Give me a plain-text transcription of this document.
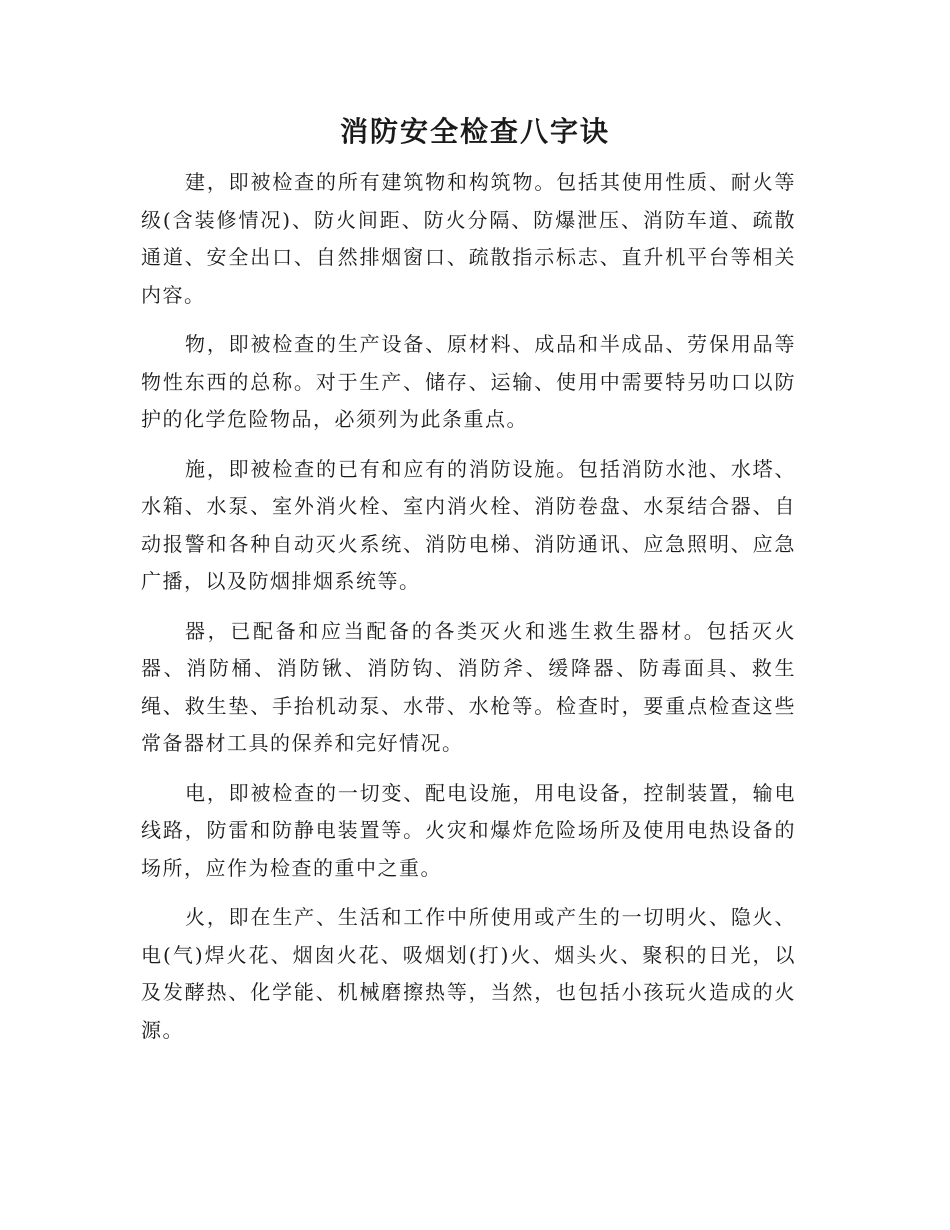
消防安全检查八字诀

建，即被检查的所有建筑物和构筑物。包括其使用性质、耐火等级(含装修情况)、防火间距、防火分隔、防爆泄压、消防车道、疏散通道、安全出口、自然排烟窗口、疏散指示标志、直升机平台等相关内容。

物，即被检查的生产设备、原材料、成品和半成品、劳保用品等物性东西的总称。对于生产、储存、运输、使用中需要特另叻口以防护的化学危险物品，必须列为此条重点。

施，即被检查的已有和应有的消防设施。包括消防水池、水塔、水箱、水泵、室外消火栓、室内消火栓、消防卷盘、水泵结合器、自动报警和各种自动灭火系统、消防电梯、消防通讯、应急照明、应急广播，以及防烟排烟系统等。

器，已配备和应当配备的各类灭火和逃生救生器材。包括灭火器、消防桶、消防锹、消防钩、消防斧、缓降器、防毒面具、救生绳、救生垫、手抬机动泵、水带、水枪等。检查时，要重点检查这些常备器材工具的保养和完好情况。

电，即被检查的一切变、配电设施，用电设备，控制装置，输电线路，防雷和防静电装置等。火灾和爆炸危险场所及使用电热设备的场所，应作为检查的重中之重。

火，即在生产、生活和工作中所使用或产生的一切明火、隐火、电(气)焊火花、烟囱火花、吸烟划(打)火、烟头火、聚积的日光，以及发酵热、化学能、机械磨擦热等，当然，也包括小孩玩火造成的火源。
